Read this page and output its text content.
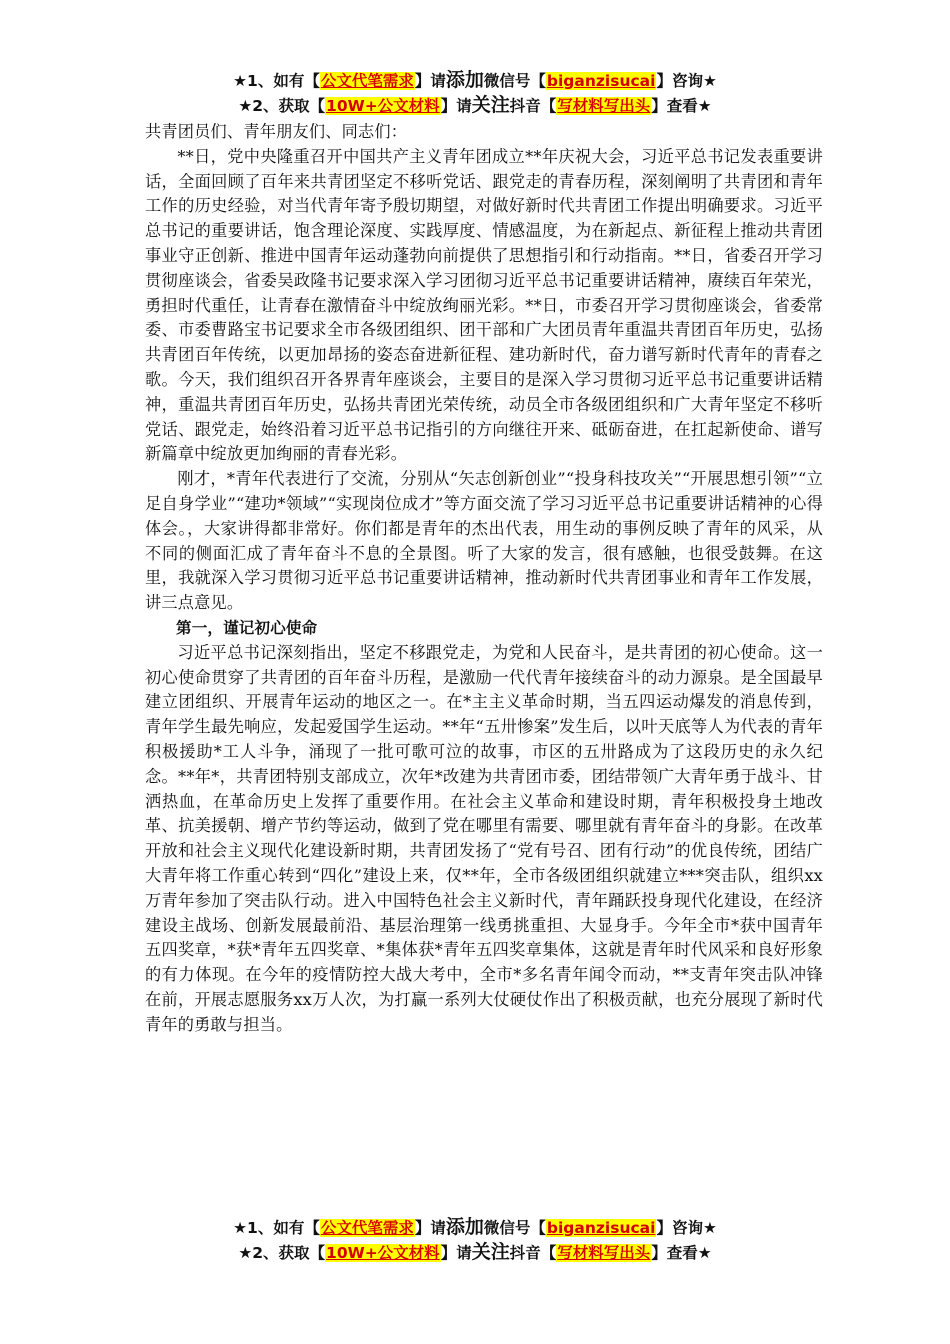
★1、如有【公文代笔需求】请添加微信号【biganzisucai】咨询★
★2、获取【10W+公文材料】请关注抖音【写材料写出头】查看★

共青团员们、青年朋友们、同志们：

**日，党中央隆重召开中国共产主义青年团成立**年庆祝大会，习近平总书记发表重要讲话，全面回顾了百年来共青团坚定不移听党话、跟党走的青春历程，深刻阐明了共青团和青年工作的历史经验，对当代青年寄予殷切期望，对做好新时代共青团工作提出明确要求。习近平总书记的重要讲话，饱含理论深度、实践厚度、情感温度，为在新起点、新征程上推动共青团事业守正创新、推进中国青年运动蓬勃向前提供了思想指引和行动指南。**日，省委召开学习贯彻座谈会，省委吴政隆书记要求深入学习团彻习近平总书记重要讲话精神，赓续百年荣光，勇担时代重任，让青春在激情奋斗中绽放绚丽光彩。**日，市委召开学习贯彻座谈会，省委常委、市委曹路宝书记要求全市各级团组织、团干部和广大团员青年重温共青团百年历史，弘扬共青团百年传统，以更加昂扬的姿态奋进新征程、建功新时代，奋力谱写新时代青年的青春之歌。今天，我们组织召开各界青年座谈会，主要目的是深入学习贯彻习近平总书记重要讲话精神，重温共青团百年历史，弘扬共青团光荣传统，动员全市各级团组织和广大青年坚定不移听党话、跟党走，始终沿着习近平总书记指引的方向继往开来、砥砺奋进，在扛起新使命、谱写新篇章中绽放更加绚丽的青春光彩。

刚才，*青年代表进行了交流，分别从“矢志创新创业”“投身科技攻关”“开展思想引领”“立足自身学业”“建功*领域”“实现岗位成才”等方面交流了学习习近平总书记重要讲话精神的心得体会。，大家讲得都非常好。你们都是青年的杰出代表，用生动的事例反映了青年的风采，从不同的侧面汇成了青年奋斗不息的全景图。听了大家的发言，很有感触，也很受鼓舞。在这里，我就深入学习贯彻习近平总书记重要讲话精神，推动新时代共青团事业和青年工作发展，讲三点意见。

第一，谨记初心使命

习近平总书记深刻指出，坚定不移跟党走，为党和人民奋斗，是共青团的初心使命。这一初心使命贯穿了共青团的百年奋斗历程，是激励一代代青年接续奋斗的动力源泉。是全国最早建立团组织、开展青年运动的地区之一。在*主主义革命时期，当五四运动爆发的消息传到，青年学生最先响应，发起爱国学生运动。**年“五卅惨案”发生后，以叶天底等人为代表的青年积极援助*工人斗争，涌现了一批可歌可泣的故事，市区的五卅路成为了这段历史的永久纪念。**年*，共青团特别支部成立，次年*改建为共青团市委，团结带领广大青年勇于战斗、甘洒热血，在革命历史上发挥了重要作用。在社会主义革命和建设时期，青年积极投身土地改革、抗美援朝、增产节约等运动，做到了党在哪里有需要、哪里就有青年奋斗的身影。在改革开放和社会主义现代化建设新时期，共青团发扬了“党有号召、团有行动”的优良传统，团结广大青年将工作重心转到“四化”建设上来，仅**年，全市各级团组织就建立***突击队，组织xx万青年参加了突击队行动。进入中国特色社会主义新时代，青年踊跃投身现代化建设，在经济建设主战场、创新发展最前沿、基层治理第一线勇挑重担、大显身手。今年全市*获中国青年五四奖章，*获*青年五四奖章、*集体获*青年五四奖章集体，这就是青年时代风采和良好形象的有力体现。在今年的疫情防控大战大考中，全市*多名青年闻令而动，**支青年突击队冲锋在前，开展志愿服务xx万人次，为打赢一系列大仗硬仗作出了积极贡献，也充分展现了新时代青年的勇敢与担当。

★1、如有【公文代笔需求】请添加微信号【biganzisucai】咨询★
★2、获取【10W+公文材料】请关注抖音【写材料写出头】查看★
